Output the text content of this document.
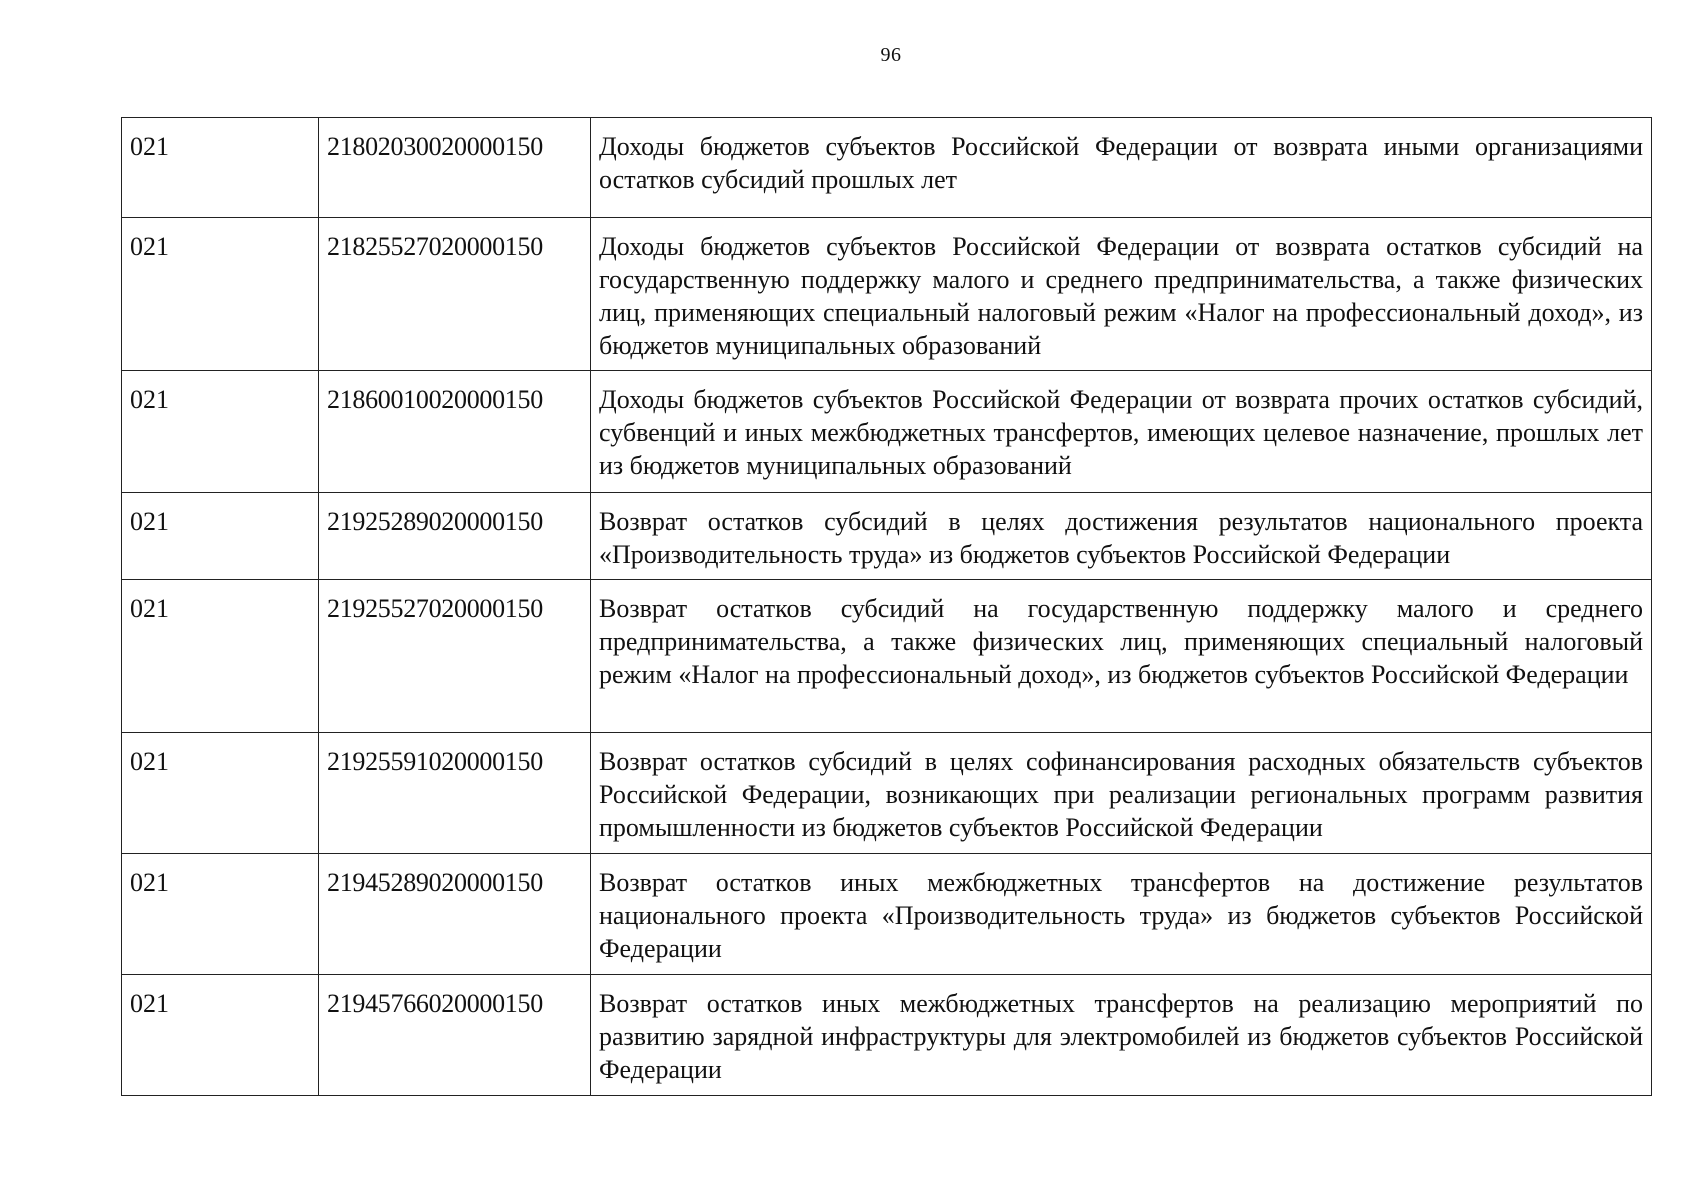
96
021	21802030020000150	Доходы бюджетов субъектов Российской Федерации от возврата иными организациями остатков субсидий прошлых лет
021	21825527020000150	Доходы бюджетов субъектов Российской Федерации от возврата остатков субсидий на государственную поддержку малого и среднего предпринимательства, а также физических лиц, применяющих специальный налоговый режим «Налог на профессиональный доход», из бюджетов муниципальных образований
021	21860010020000150	Доходы бюджетов субъектов Российской Федерации от возврата прочих остатков субсидий, субвенций и иных межбюджетных трансфертов, имеющих целевое назначение, прошлых лет из бюджетов муниципальных образований
021	21925289020000150	Возврат остатков субсидий в целях достижения результатов национального проекта «Производительность труда» из бюджетов субъектов Российской Федерации
021	21925527020000150	Возврат остатков субсидий на государственную поддержку малого и среднего предпринимательства, а также физических лиц, применяющих специальный налоговый режим «Налог на профессиональный доход», из бюджетов субъектов Российской Федерации
021	21925591020000150	Возврат остатков субсидий в целях софинансирования расходных обязательств субъектов Российской Федерации, возникающих при реализации региональных программ развития промышленности из бюджетов субъектов Российской Федерации
021	21945289020000150	Возврат остатков иных межбюджетных трансфертов на достижение результатов национального проекта «Производительность труда» из бюджетов субъектов Российской Федерации
021	21945766020000150	Возврат остатков иных межбюджетных трансфертов на реализацию мероприятий по развитию зарядной инфраструктуры для электромобилей из бюджетов субъектов Российской Федерации
